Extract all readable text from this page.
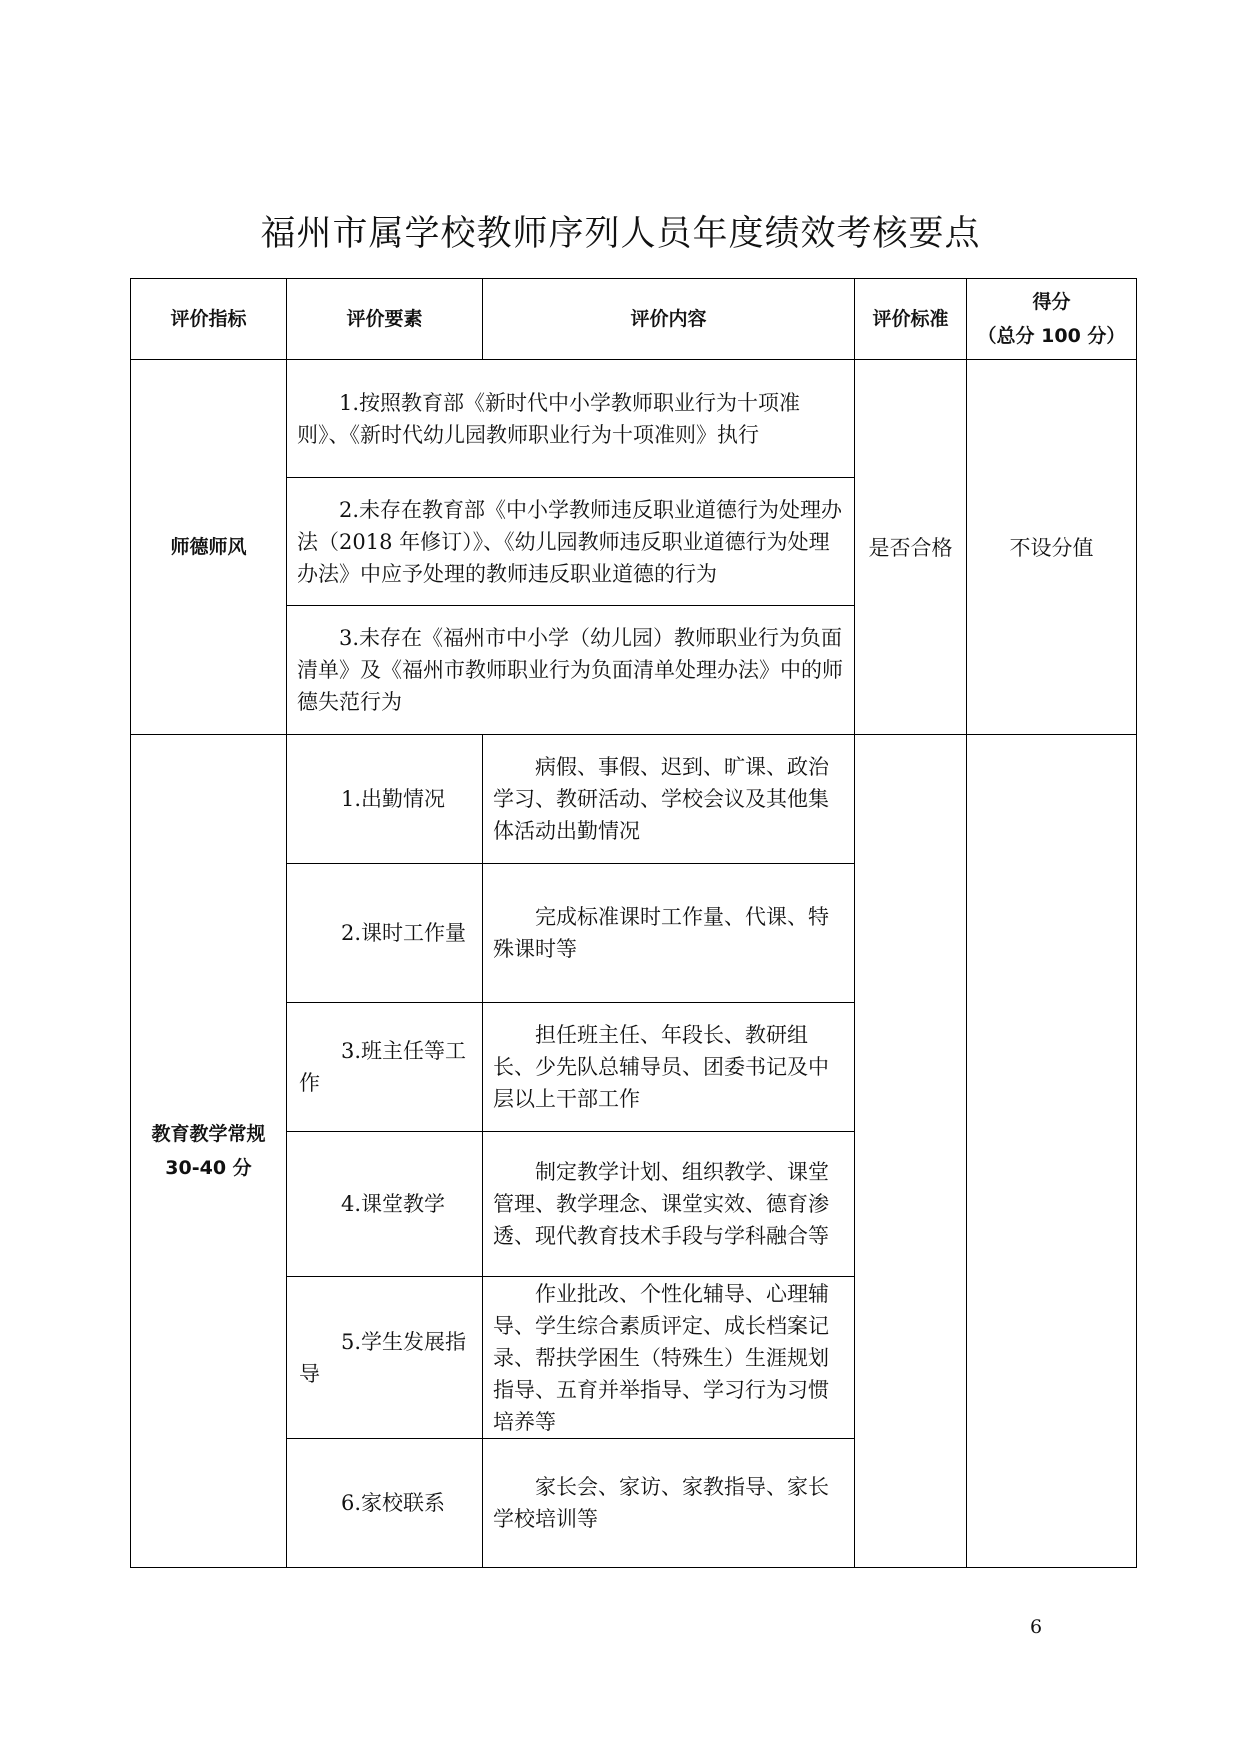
福州市属学校教师序列人员年度绩效考核要点
评价指标	评价要素	评价内容	评价标准	得分
（总分 100 分）

师德师风	1.按照教育部《新时代中小学教师职业行为十项准则》、《新时代幼儿园教师职业行为十项准则》执行		是否合格	不设分值
	2.未存在教育部《中小学教师违反职业道德行为处理办法（2018 年修订）》、《幼儿园教师违反职业道德行为处理办法》中应予处理的教师违反职业道德的行为			
	3.未存在《福州市中小学（幼儿园）教师职业行为负面清单》及《福州市教师职业行为负面清单处理办法》中的师德失范行为			

教育教学常规
30-40 分	1.出勤情况	病假、事假、迟到、旷课、政治学习、教研活动、学校会议及其他集体活动出勤情况		
	2.课时工作量	完成标准课时工作量、代课、特殊课时等		
	3.班主任等工作	担任班主任、年段长、教研组长、少先队总辅导员、团委书记及中层以上干部工作		
	4.课堂教学	制定教学计划、组织教学、课堂管理、教学理念、课堂实效、德育渗透、现代教育技术手段与学科融合等		
	5.学生发展指导	作业批改、个性化辅导、心理辅导、学生综合素质评定、成长档案记录、帮扶学困生（特殊生）生涯规划指导、五育并举指导、学习行为习惯培养等		
	6.家校联系	家长会、家访、家教指导、家长学校培训等		
6
